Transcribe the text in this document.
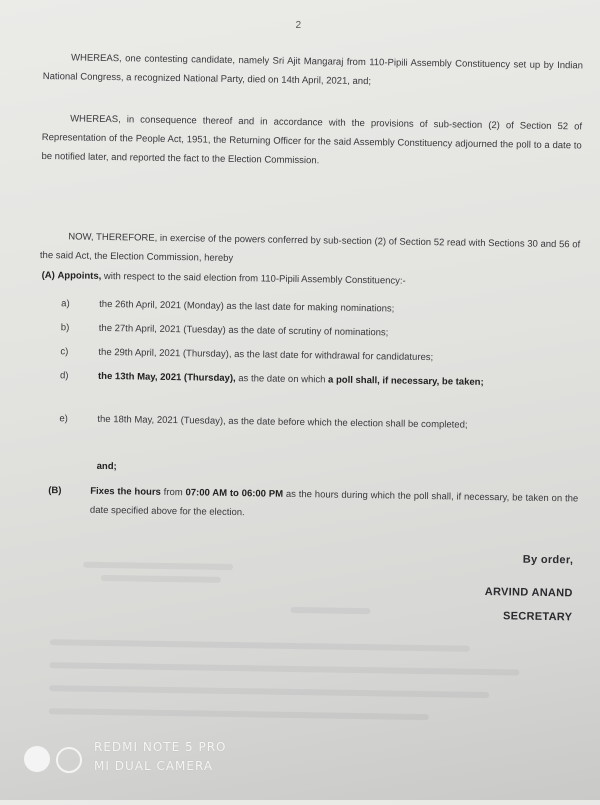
2

WHEREAS, one contesting candidate, namely Sri Ajit Mangaraj from 110-Pipili Assembly Constituency set up by Indian National Congress, a recognized National Party, died on 14th April, 2021, and;

WHEREAS, in consequence thereof and in accordance with the provisions of sub-section (2) of Section 52 of Representation of the People Act, 1951, the Returning Officer for the said Assembly Constituency adjourned the poll to a date to be notified later, and reported the fact to the Election Commission.

NOW, THEREFORE, in exercise of the powers conferred by sub-section (2) of Section 52 read with Sections 30 and 56 of the said Act, the Election Commission, hereby

(A) Appoints, with respect to the said election from 110-Pipili Assembly Constituency:-
a)	the 26th April, 2021 (Monday) as the last date for making nominations;
b)	the 27th April, 2021 (Tuesday) as the date of scrutiny of nominations;
c)	the 29th April, 2021 (Thursday), as the last date for withdrawal for candidatures;
d)	the 13th May, 2021 (Thursday), as the date on which a poll shall, if necessary, be taken;
e)	the 18th May, 2021 (Tuesday), as the date before which the election shall be completed;
and;
(B)	Fixes the hours from 07:00 AM to 06:00 PM as the hours during which the poll shall, if necessary, be taken on the date specified above for the election.
By order,
ARVIND ANAND
SECRETARY
REDMI NOTE 5 PRO
MI DUAL CAMERA
